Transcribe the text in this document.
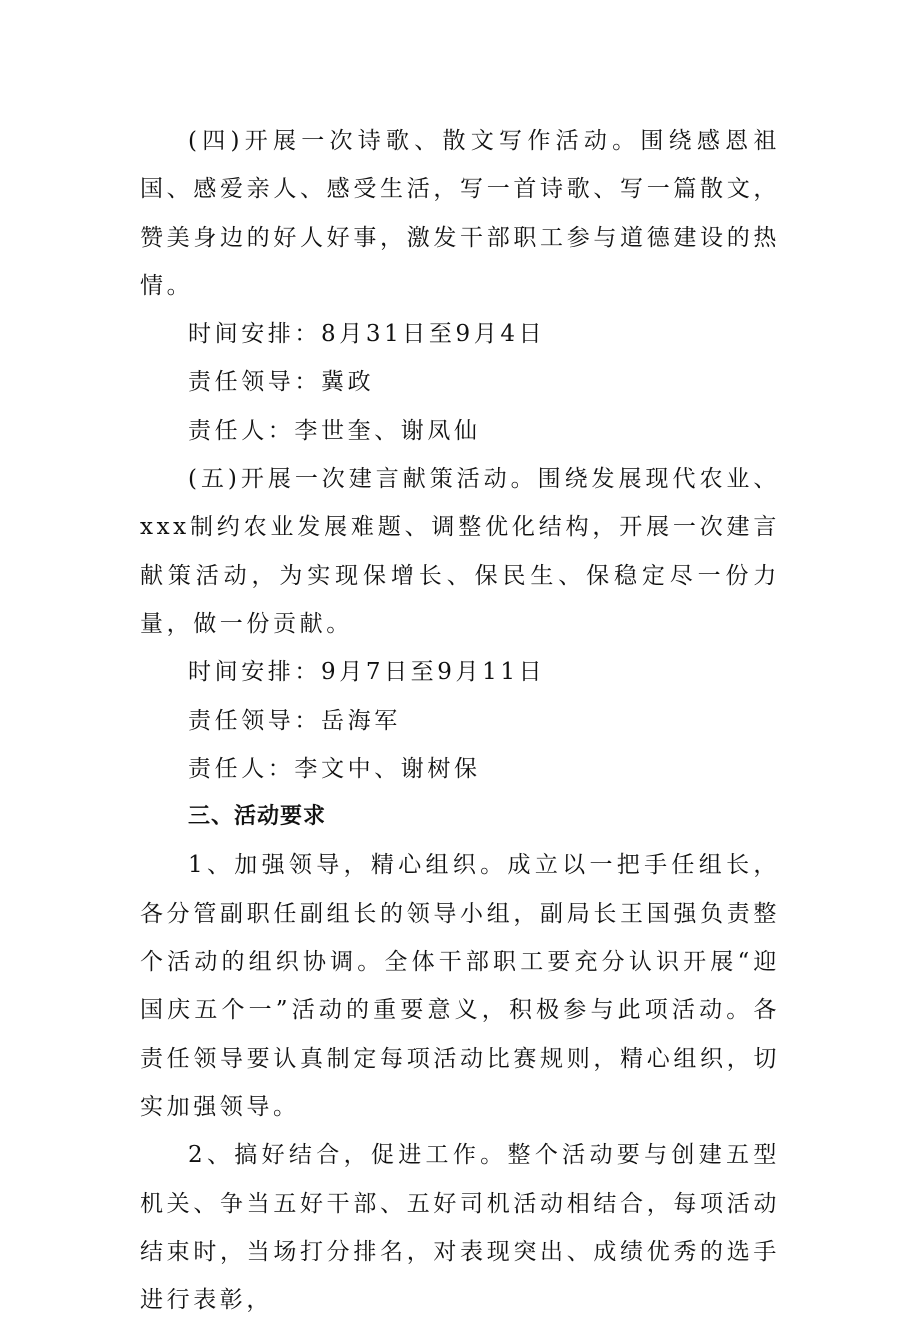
(四)开展一次诗歌、散文写作活动。围绕感恩祖国、感爱亲人、感受生活，写一首诗歌、写一篇散文，赞美身边的好人好事，激发干部职工参与道德建设的热情。

时间安排：8月31日至9月4日

责任领导：冀政

责任人：李世奎、谢凤仙

(五)开展一次建言献策活动。围绕发展现代农业、xxx制约农业发展难题、调整优化结构，开展一次建言献策活动，为实现保增长、保民生、保稳定尽一份力量，做一份贡献。

时间安排：9月7日至9月11日

责任领导：岳海军

责任人：李文中、谢树保

三、活动要求

1、加强领导，精心组织。成立以一把手任组长，各分管副职任副组长的领导小组，副局长王国强负责整个活动的组织协调。全体干部职工要充分认识开展“迎国庆五个一”活动的重要意义，积极参与此项活动。各责任领导要认真制定每项活动比赛规则，精心组织，切实加强领导。

2、搞好结合，促进工作。整个活动要与创建五型机关、争当五好干部、五好司机活动相结合，每项活动结束时，当场打分排名，对表现突出、成绩优秀的选手进行表彰，
